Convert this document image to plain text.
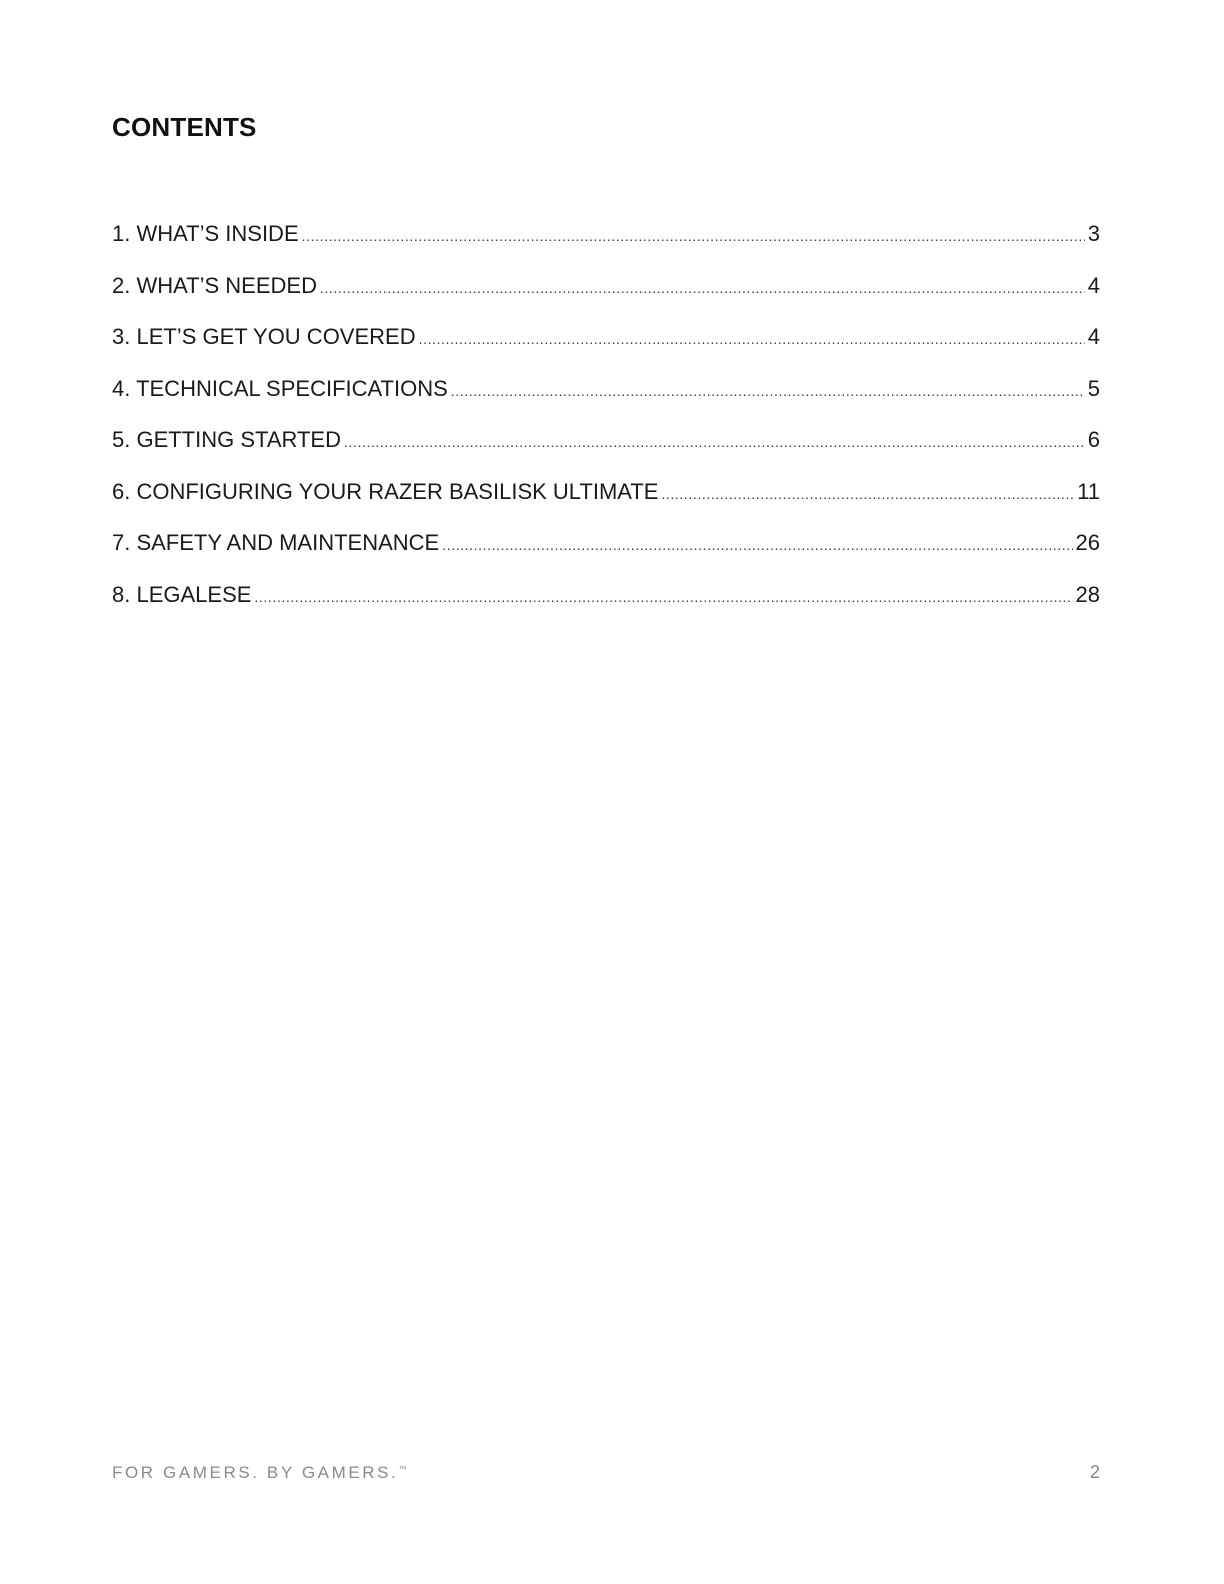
CONTENTS
1. WHAT’S INSIDE .....	3
2. WHAT’S NEEDED .....	4
3. LET’S GET YOU COVERED .....	4
4. TECHNICAL SPECIFICATIONS .....	5
5. GETTING STARTED .....	6
6. CONFIGURING YOUR RAZER BASILISK ULTIMATE .....	11
7. SAFETY AND MAINTENANCE .....	26
8. LEGALESE .....	28
FOR GAMERS. BY GAMERS.™	2
